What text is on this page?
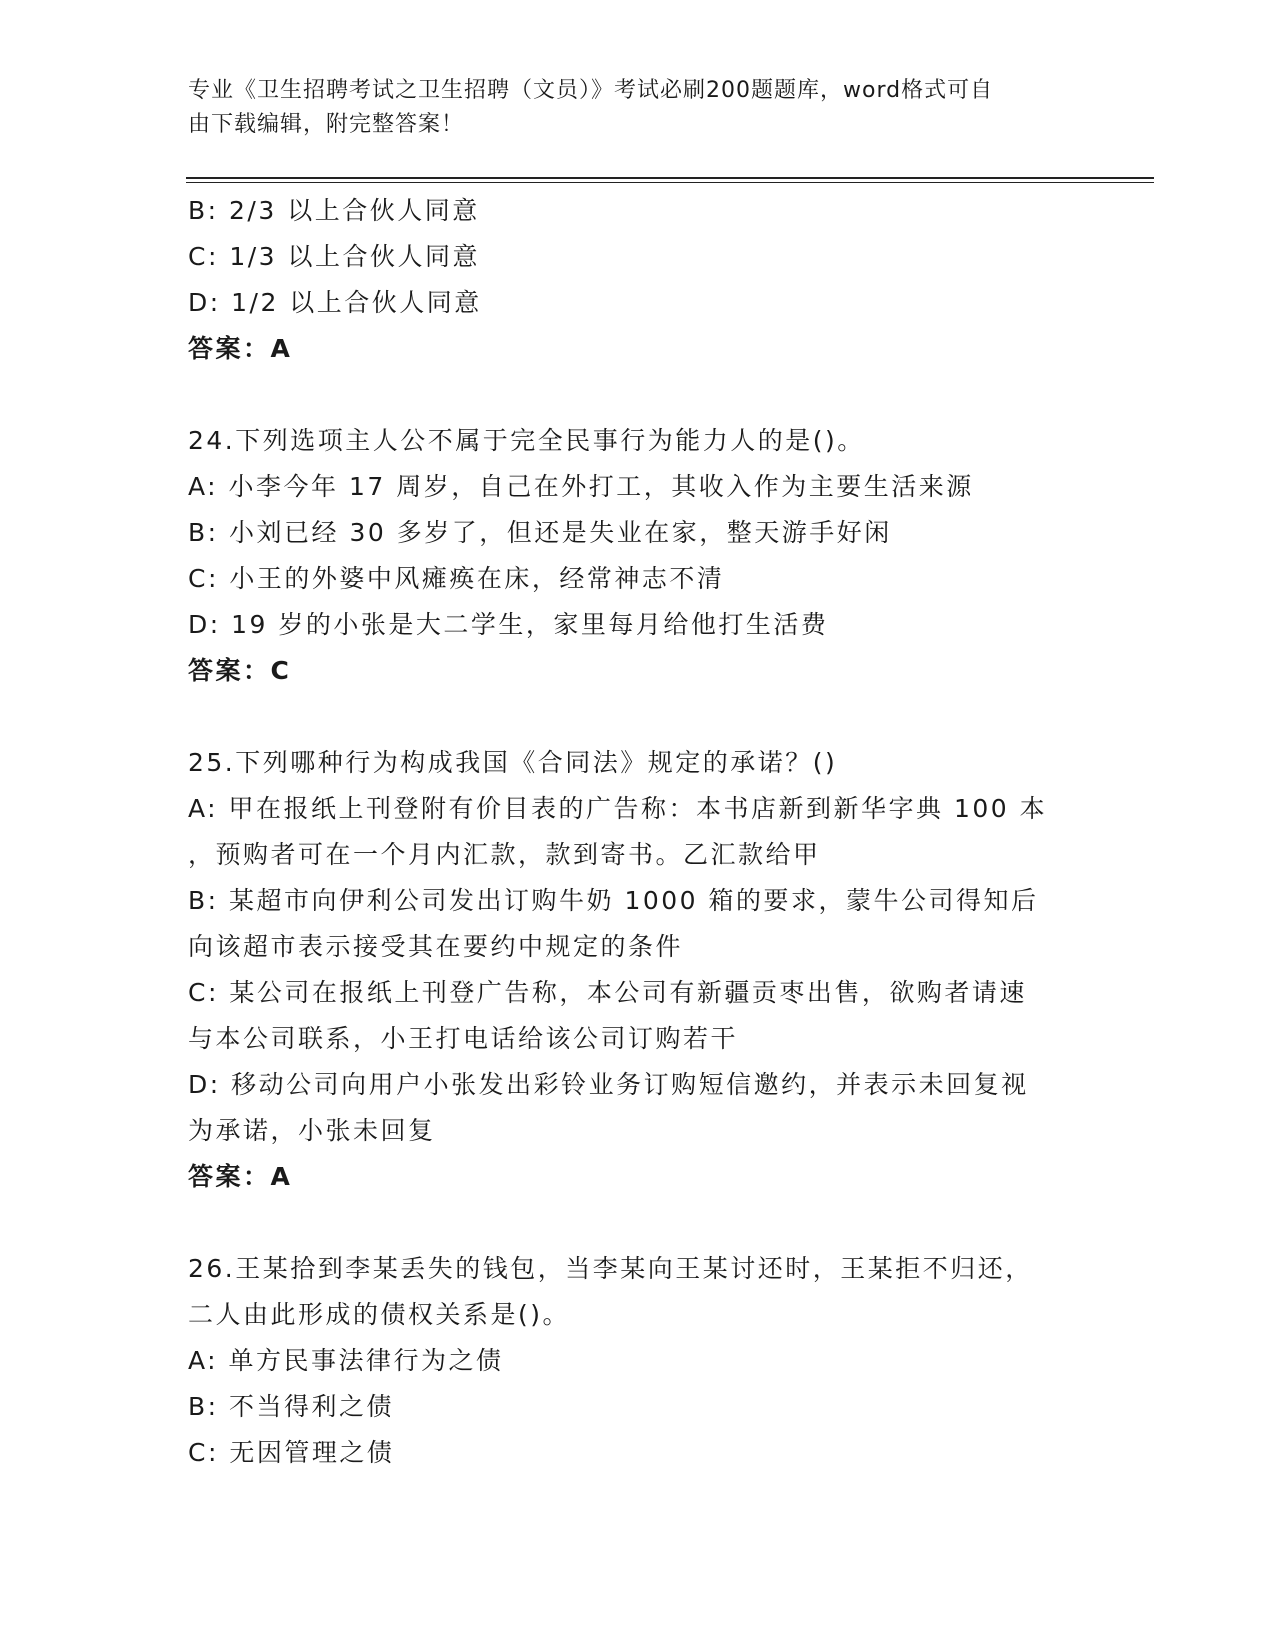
专业《卫生招聘考试之卫生招聘（文员）》考试必刷200题题库，word格式可自
由下载编辑，附完整答案！
B: 2/3 以上合伙人同意
C: 1/3 以上合伙人同意
D: 1/2 以上合伙人同意
答案：A
24.下列选项主人公不属于完全民事行为能力人的是()。
A: 小李今年 17 周岁，自己在外打工，其收入作为主要生活来源
B: 小刘已经 30 多岁了，但还是失业在家，整天游手好闲
C: 小王的外婆中风瘫痪在床，经常神志不清
D: 19 岁的小张是大二学生，家里每月给他打生活费
答案：C
25.下列哪种行为构成我国《合同法》规定的承诺？()
A: 甲在报纸上刊登附有价目表的广告称：本书店新到新华字典 100 本
，预购者可在一个月内汇款，款到寄书。乙汇款给甲
B: 某超市向伊利公司发出订购牛奶 1000 箱的要求，蒙牛公司得知后
向该超市表示接受其在要约中规定的条件
C: 某公司在报纸上刊登广告称，本公司有新疆贡枣出售，欲购者请速
与本公司联系，小王打电话给该公司订购若干
D: 移动公司向用户小张发出彩铃业务订购短信邀约，并表示未回复视
为承诺，小张未回复
答案：A
26.王某拾到李某丢失的钱包，当李某向王某讨还时，王某拒不归还，
二人由此形成的债权关系是()。
A: 单方民事法律行为之债
B: 不当得利之债
C: 无因管理之债
